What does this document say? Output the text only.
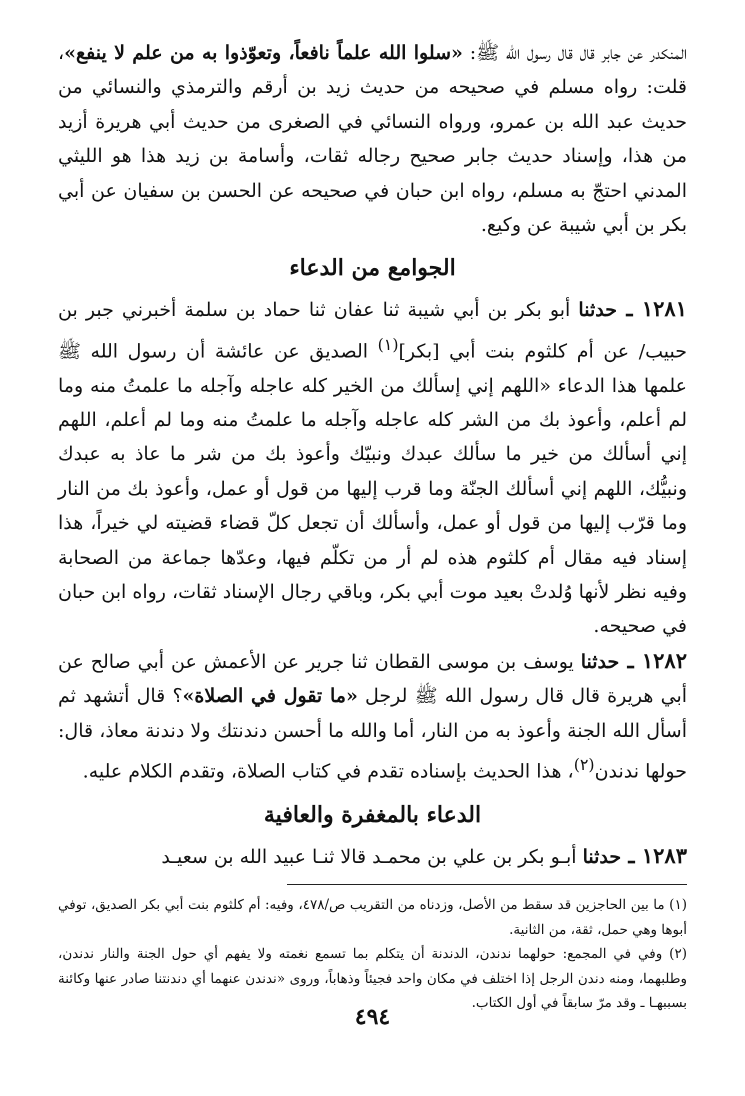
المنكدر عن جابر قال قال رسول الله ﷺ: «سلوا الله علماً نافعاً، وتعوّذوا به من علم لا ينفع»، قلت: رواه مسلم في صحيحه من حديث زيد بن أرقم والترمذي والنسائي من حديث عبد الله بن عمرو، ورواه النسائي في الصغرى من حديث أبي هريرة أزيد من هذا، وإسناد حديث جابر صحيح رجاله ثقات، وأسامة بن زيد هذا هو الليثي المدني احتجّ به مسلم، رواه ابن حبان في صحيحه عن الحسن بن سفيان عن أبي بكر بن أبي شيبة عن وكيع.

الجوامع من الدعاء

١٢٨١ ـ حدثنا أبو بكر بن أبي شيبة ثنا عفان ثنا حماد بن سلمة أخبرني جبر بن حبيب/ عن أم كلثوم بنت أبي [بكر]$^{(١)}$ الصديق عن عائشة أن رسول الله ﷺ علمها هذا الدعاء «اللهم إني إسألك من الخير كله عاجله وآجله ما علمتُ منه وما لم أعلم، وأعوذ بك من الشر كله عاجله وآجله ما علمتُ منه وما لم أعلم، اللهم إني أسألك من خير ما سألك عبدك ونبيّك وأعوذ بك من شر ما عاذ به عبدك ونبيُّك، اللهم إني أسألك الجنّة وما قرب إليها من قول أو عمل، وأعوذ بك من النار وما قرّب إليها من قول أو عمل، وأسألك أن تجعل كلّ قضاء قضيته لي خيراً، هذا إسناد فيه مقال أم كلثوم هذه لم أر من تكلّم فيها، وعدّها جماعة من الصحابة وفيه نظر لأنها وُلدتْ بعيد موت أبي بكر، وباقي رجال الإسناد ثقات، رواه ابن حبان في صحيحه.

١٢٨٢ ـ حدثنا يوسف بن موسى القطان ثنا جرير عن الأعمش عن أبي صالح عن أبي هريرة قال قال رسول الله ﷺ لرجل «ما تقول في الصلاة»؟ قال أتشهد ثم أسأل الله الجنة وأعوذ به من النار، أما والله ما أحسن دندنتك ولا دندنة معاذ، قال: حولها ندندن$^{(٢)}$، هذا الحديث بإسناده تقدم في كتاب الصلاة، وتقدم الكلام عليه.

الدعاء بالمغفرة والعافية

١٢٨٣ ـ حدثنا أبـو بكر بن علي بن محمـد قالا ثنـا عبيد الله بن سعيـد

(١) ما بين الحاجزين قد سقط من الأصل، وزدناه من التقريب ص/٤٧٨، وفيه: أم كلثوم بنت أبي بكر الصديق، توفي أبوها وهي حمل، ثقة، من الثانية.

(٢) وفي في المجمع: حولهما ندندن، الدندنة أن يتكلم بما تسمع نغمته ولا يفهم أي حول الجنة والنار ندندن، وطلبهما، ومنه دندن الرجل إذا اختلف في مكان واحد فجيئاً وذهاباً، وروى «ندندن عنهما أي دندنتنا صادر عنها وكائنة بسببهـا ـ وقد مرّ سابقاً في أول الكتاب.

٤٩٤
